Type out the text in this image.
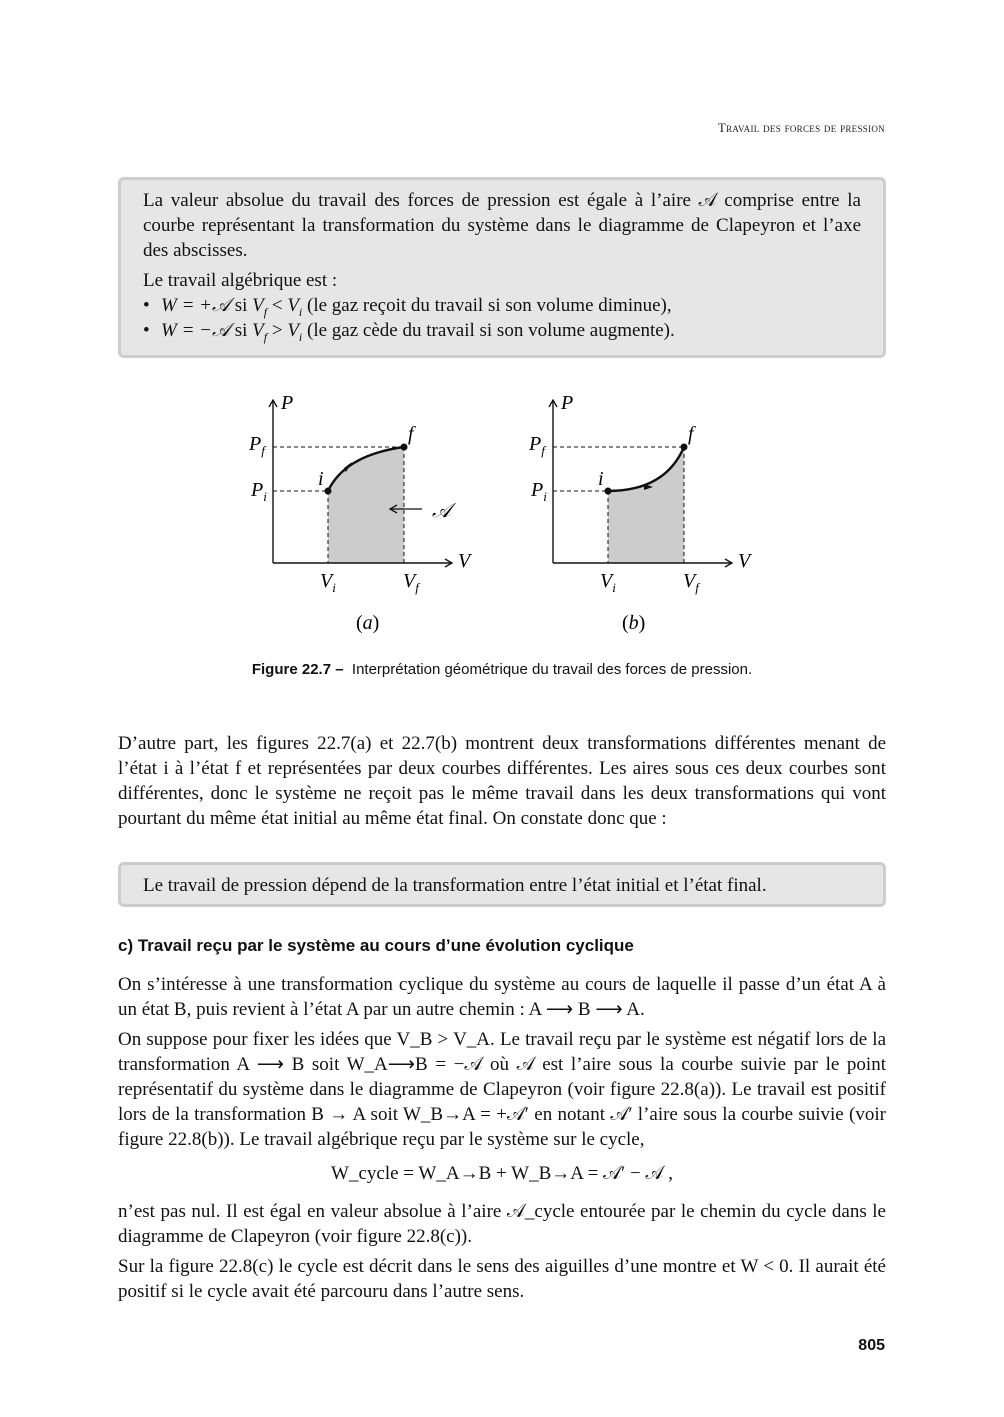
Travail des forces de pression

La valeur absolue du travail des forces de pression est égale à l’aire 𝒜 comprise entre la courbe représentant la transformation du système dans le diagramme de Clapeyron et l’axe des abscisses.

Le travail algébrique est :

• W = +𝒜 si $V_f < V_i$ (le gaz reçoit du travail si son volume diminue),

• W = −𝒜 si $V_f > V_i$ (le gaz cède du travail si son volume augmente).

𝒜
P
V
$P_f$
$P_i$
$V_i$	$V_f$
i
f
(a)
P
V
$P_f$
$P_i$
$V_i$	$V_f$
i
f
(b)
Figure 22.7 – Interprétation géométrique du travail des forces de pression.

D’autre part, les figures 22.7(a) et 22.7(b) montrent deux transformations différentes menant de l’état i à l’état f et représentées par deux courbes différentes. Les aires sous ces deux courbes sont différentes, donc le système ne reçoit pas le même travail dans les deux transformations qui vont pourtant du même état initial au même état final. On constate donc que :

Le travail de pression dépend de la transformation entre l’état initial et l’état final.

c) Travail reçu par le système au cours d’une évolution cyclique

On s’intéresse à une transformation cyclique du système au cours de laquelle il passe d’un état A à un état B, puis revient à l’état A par un autre chemin : A ⟶ B ⟶ A.

On suppose pour fixer les idées que V_B > V_A. Le travail reçu par le système est négatif lors de la transformation A ⟶ B soit W_A⟶B = −𝒜 où 𝒜 est l’aire sous la courbe suivie par le point représentatif du système dans le diagramme de Clapeyron (voir figure 22.8(a)). Le travail est positif lors de la transformation B → A soit W_B→A = +𝒜′ en notant 𝒜′ l’aire sous la courbe suivie (voir figure 22.8(b)). Le travail algébrique reçu par le système sur le cycle,

W_cycle = W_A→B + W_B→A = 𝒜′ − 𝒜 ,

n’est pas nul. Il est égal en valeur absolue à l’aire 𝒜_cycle entourée par le chemin du cycle dans le diagramme de Clapeyron (voir figure 22.8(c)).

Sur la figure 22.8(c) le cycle est décrit dans le sens des aiguilles d’une montre et W < 0. Il aurait été positif si le cycle avait été parcouru dans l’autre sens.

805
